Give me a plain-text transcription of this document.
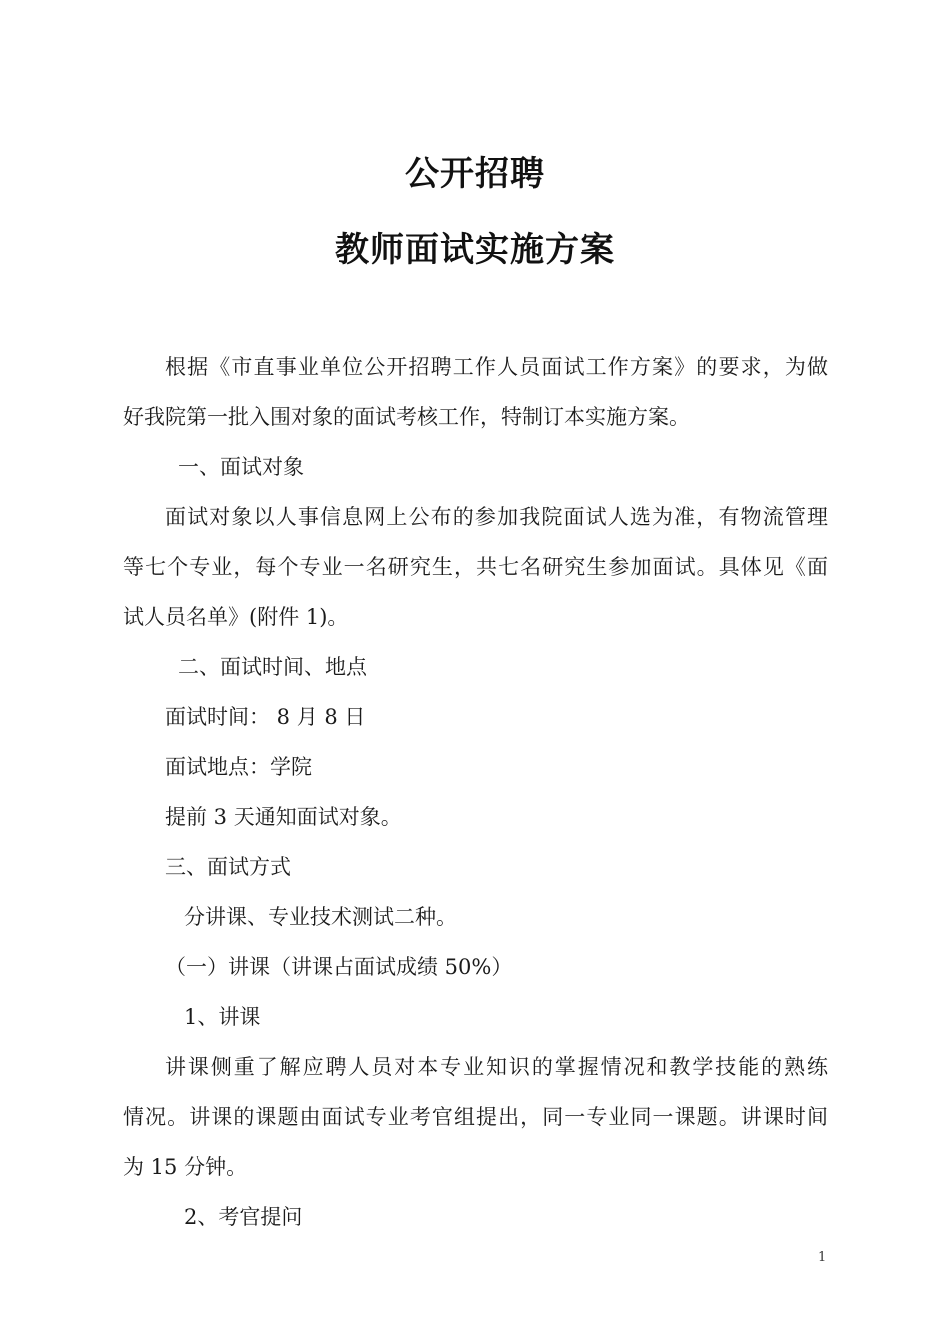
公开招聘
教师面试实施方案
根据《市直事业单位公开招聘工作人员面试工作方案》的要求，为做
好我院第一批入围对象的面试考核工作，特制订本实施方案。
一、面试对象
面试对象以人事信息网上公布的参加我院面试人选为准，有物流管理
等七个专业，每个专业一名研究生，共七名研究生参加面试。具体见《面
试人员名单》(附件 1)。
二、面试时间、地点
面试时间： 8 月 8 日
面试地点：学院
提前 3 天通知面试对象。
三、面试方式
分讲课、专业技术测试二种。
（一）讲课（讲课占面试成绩 50%）
1、讲课
讲课侧重了解应聘人员对本专业知识的掌握情况和教学技能的熟练
情况。讲课的课题由面试专业考官组提出，同一专业同一课题。讲课时间
为 15 分钟。
2、考官提问
1
